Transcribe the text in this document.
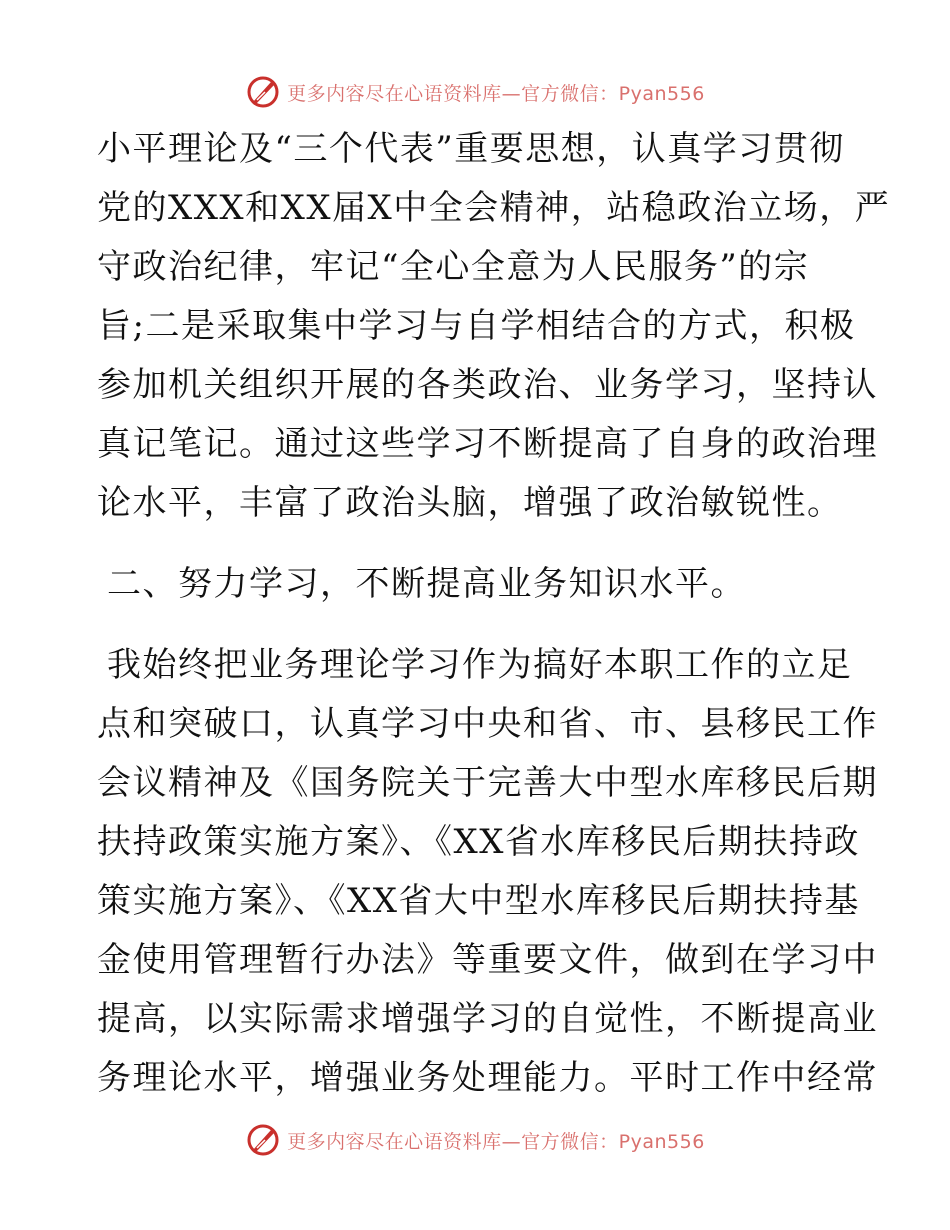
更多内容尽在心语资料库—官方微信：Pyan556
小平理论及“三个代表”重要思想，认真学习贯彻
党的XXX和XX届X中全会精神，站稳政治立场，严
守政治纪律，牢记“全心全意为人民服务”的宗
旨;二是采取集中学习与自学相结合的方式，积极
参加机关组织开展的各类政治、业务学习，坚持认
真记笔记。通过这些学习不断提高了自身的政治理
论水平，丰富了政治头脑，增强了政治敏锐性。
二、努力学习，不断提高业务知识水平。
我始终把业务理论学习作为搞好本职工作的立足
点和突破口，认真学习中央和省、市、县移民工作
会议精神及《国务院关于完善大中型水库移民后期
扶持政策实施方案》、《XX省水库移民后期扶持政
策实施方案》、《XX省大中型水库移民后期扶持基
金使用管理暂行办法》等重要文件，做到在学习中
提高，以实际需求增强学习的自觉性，不断提高业
务理论水平，增强业务处理能力。平时工作中经常
更多内容尽在心语资料库—官方微信：Pyan556
